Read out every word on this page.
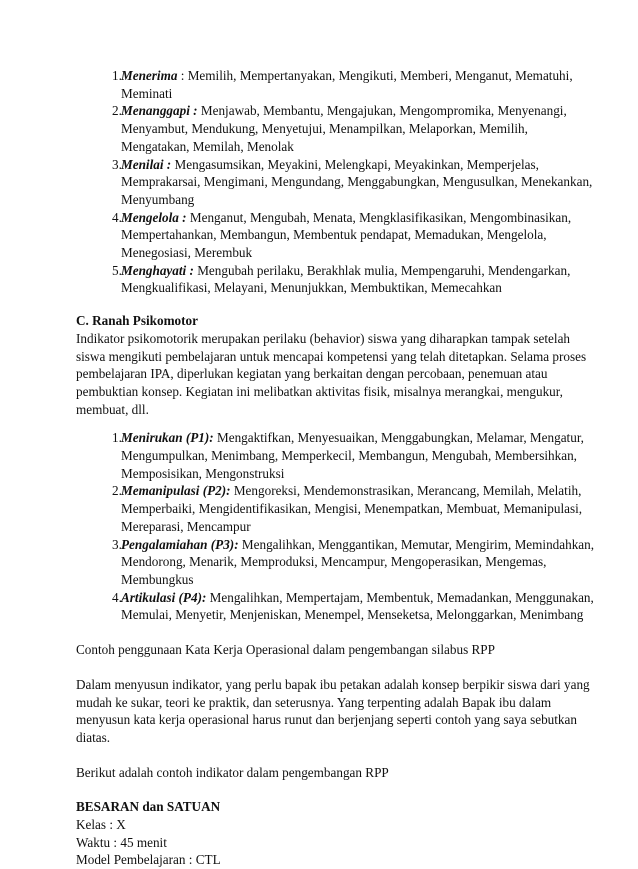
1. Menerima : Memilih, Mempertanyakan, Mengikuti, Memberi, Menganut, Mematuhi, Meminati
2. Menanggapi : Menjawab, Membantu, Mengajukan, Mengompromika, Menyenangi, Menyambut, Mendukung, Menyetujui, Menampilkan, Melaporkan, Memilih, Mengatakan, Memilah, Menolak
3. Menilai : Mengasumsikan, Meyakini, Melengkapi, Meyakinkan, Memperjelas, Memprakarsai, Mengimani, Mengundang, Menggabungkan, Mengusulkan, Menekankan, Menyumbang
4. Mengelola : Menganut, Mengubah, Menata, Mengklasifikasikan, Mengombinasikan, Mempertahankan, Membangun, Membentuk pendapat, Memadukan, Mengelola, Menegosiasi, Merembuk
5. Menghayati : Mengubah perilaku, Berakhlak mulia, Mempengaruhi, Mendengarkan, Mengkualifikasi, Melayani, Menunjukkan, Membuktikan, Memecahkan

C. Ranah Psikomotor

Indikator psikomotorik merupakan perilaku (behavior) siswa yang diharapkan tampak setelah siswa mengikuti pembelajaran untuk mencapai kompetensi yang telah ditetapkan. Selama proses pembelajaran IPA, diperlukan kegiatan yang berkaitan dengan percobaan, penemuan atau pembuktian konsep. Kegiatan ini melibatkan aktivitas fisik, misalnya merangkai, mengukur, membuat, dll.

1. Menirukan (P1): Mengaktifkan, Menyesuaikan, Menggabungkan, Melamar, Mengatur, Mengumpulkan, Menimbang, Memperkecil, Membangun, Mengubah, Membersihkan, Memposisikan, Mengonstruksi
2. Memanipulasi (P2): Mengoreksi, Mendemonstrasikan, Merancang, Memilah, Melatih, Memperbaiki, Mengidentifikasikan, Mengisi, Menempatkan, Membuat, Memanipulasi, Mereparasi, Mencampur
3. Pengalamiahan (P3): Mengalihkan, Menggantikan, Memutar, Mengirim, Memindahkan, Mendorong, Menarik, Memproduksi, Mencampur, Mengoperasikan, Mengemas, Membungkus
4. Artikulasi (P4): Mengalihkan, Mempertajam, Membentuk, Memadankan, Menggunakan, Memulai, Menyetir, Menjeniskan, Menempel, Menseketsa, Melonggarkan, Menimbang

Contoh penggunaan Kata Kerja Operasional dalam pengembangan silabus RPP

Dalam menyusun indikator, yang perlu bapak ibu petakan adalah konsep berpikir siswa dari yang mudah ke sukar, teori ke praktik, dan seterusnya. Yang terpenting adalah Bapak ibu dalam menyusun kata kerja operasional harus runut dan berjenjang seperti contoh yang saya sebutkan diatas.

Berikut adalah contoh indikator dalam pengembangan RPP

BESARAN dan SATUAN

Kelas : X

Waktu : 45 menit

Model Pembelajaran : CTL
